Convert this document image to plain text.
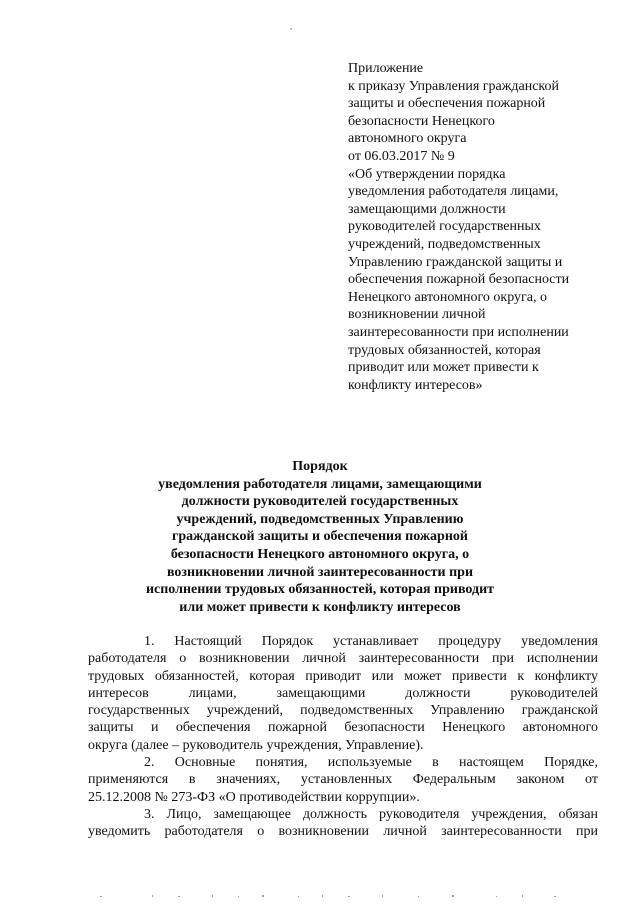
Приложение
к приказу Управления гражданской
защиты и обеспечения пожарной
безопасности Ненецкого
автономного округа
от 06.03.2017 № 9
«Об утверждении порядка
уведомления работодателя лицами,
замещающими должности
руководителей государственных
учреждений, подведомственных
Управлению гражданской защиты и
обеспечения пожарной безопасности
Ненецкого автономного округа, о
возникновении личной
заинтересованности при исполнении
трудовых обязанностей, которая
приводит или может привести к
конфликту интересов»
Порядок
уведомления работодателя лицами, замещающими
должности руководителей государственных
учреждений, подведомственных Управлению
гражданской защиты и обеспечения пожарной
безопасности Ненецкого автономного округа, о
возникновении личной заинтересованности при
исполнении трудовых обязанностей, которая приводит
или может привести к конфликту интересов
1. Настоящий Порядок устанавливает процедуру уведомления
работодателя о возникновении личной заинтересованности при исполнении
трудовых обязанностей, которая приводит или может привести к конфликту
интересов лицами, замещающими должности руководителей
государственных учреждений, подведомственных Управлению гражданской
защиты и обеспечения пожарной безопасности Ненецкого автономного
округа (далее – руководитель учреждения, Управление).
2. Основные понятия, используемые в настоящем Порядке,
применяются в значениях, установленных Федеральным законом от
25.12.2008 № 273-ФЗ «О противодействии коррупции».
3. Лицо, замещающее должность руководителя учреждения, обязан
уведомить работодателя о возникновении личной заинтересованности при
